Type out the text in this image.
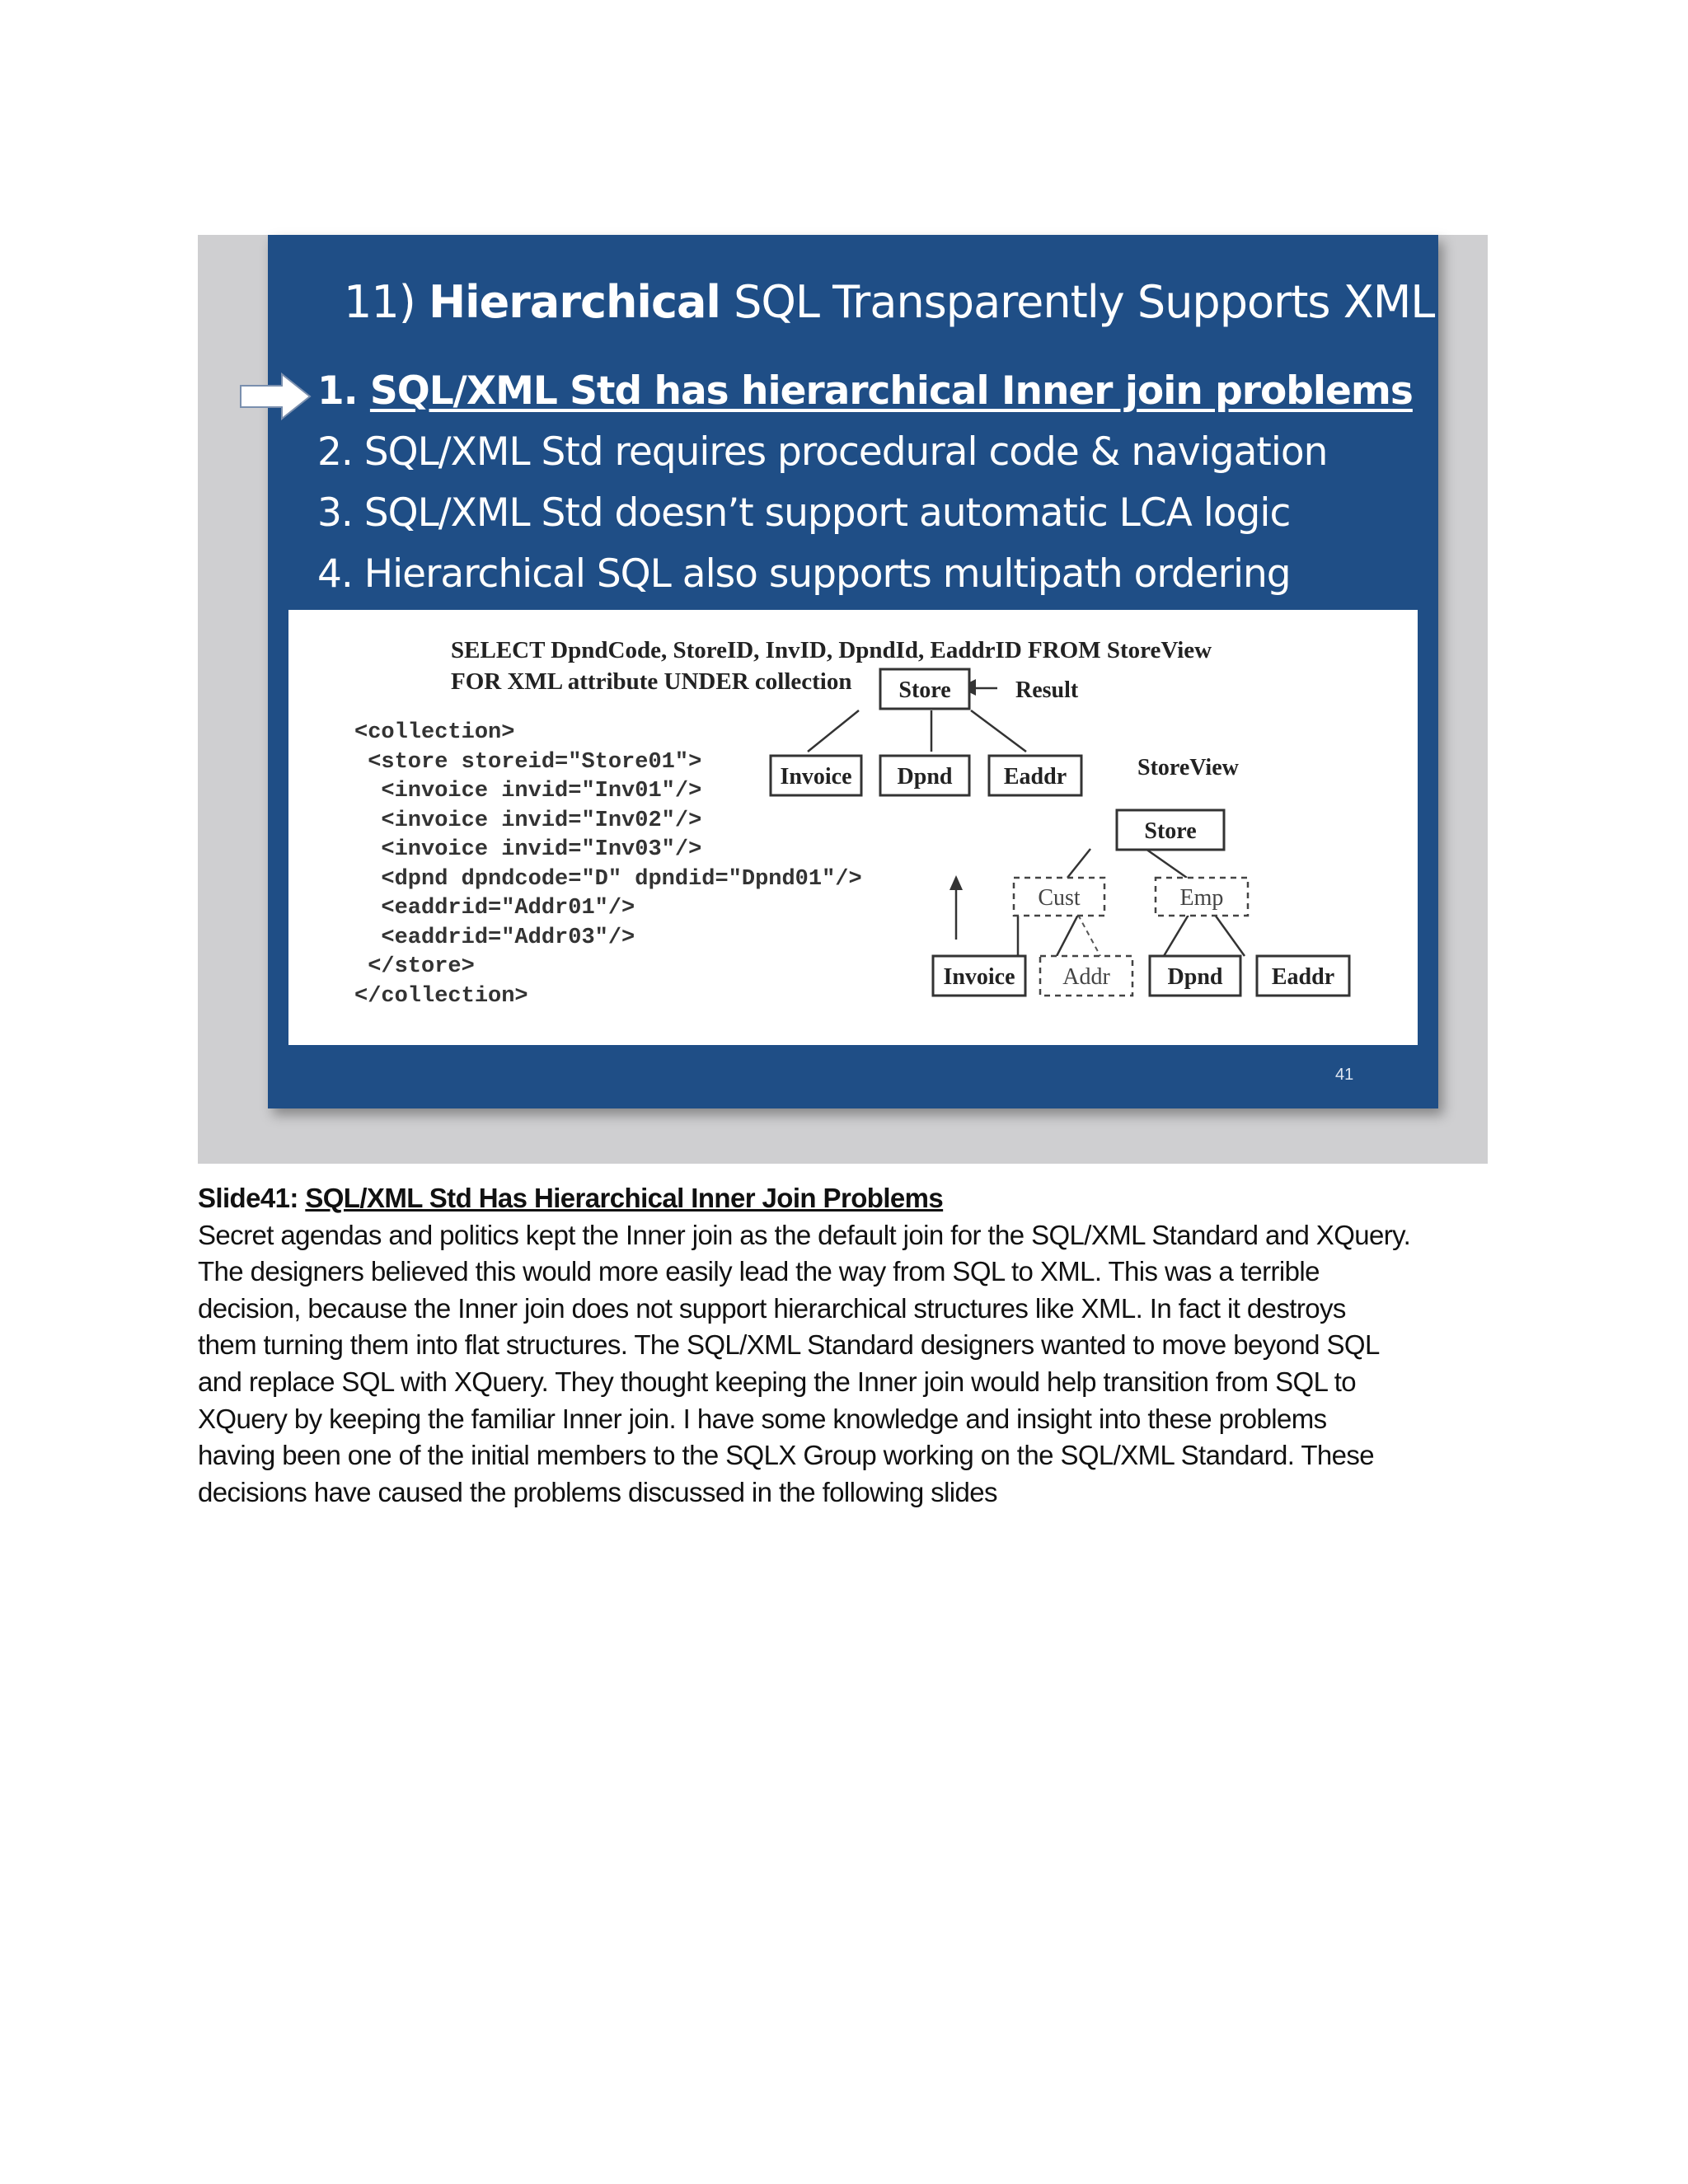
11) Hierarchical SQL Transparently Supports XML
1. SQL/XML Std has hierarchical Inner join problems
2. SQL/XML Std requires procedural code & navigation
3. SQL/XML Std doesn’t support automatic LCA logic
4. Hierarchical SQL also supports multipath ordering
SELECT DpndCode, StoreID, InvID, DpndId, EaddrID FROM StoreView
FOR XML attribute UNDER collection
<collection>
<store storeid="Store01">
<invoice invid="Inv01"/>
<invoice invid="Inv02"/>
<invoice invid="Inv03"/>
<dpnd dpndcode="D" dpndid="Dpnd01"/>
<eaddrid="Addr01"/>
<eaddrid="Addr03"/>
</store>
</collection>
Store	Result
Invoice Dpnd Eaddr	StoreView
Store
Cust	Emp
Invoice Addr Dpnd Eaddr
41
Slide41: SQL/XML Std Has Hierarchical Inner Join Problems
Secret agendas and politics kept the Inner join as the default join for the SQL/XML Standard and XQuery.
The designers believed this would more easily lead the way from SQL to XML. This was a terrible
decision, because the Inner join does not support hierarchical structures like XML. In fact it destroys
them turning them into flat structures. The SQL/XML Standard designers wanted to move beyond SQL
and replace SQL with XQuery. They thought keeping the Inner join would help transition from SQL to
XQuery by keeping the familiar Inner join. I have some knowledge and insight into these problems
having been one of the initial members to the SQLX Group working on the SQL/XML Standard. These
decisions have caused the problems discussed in the following slides
